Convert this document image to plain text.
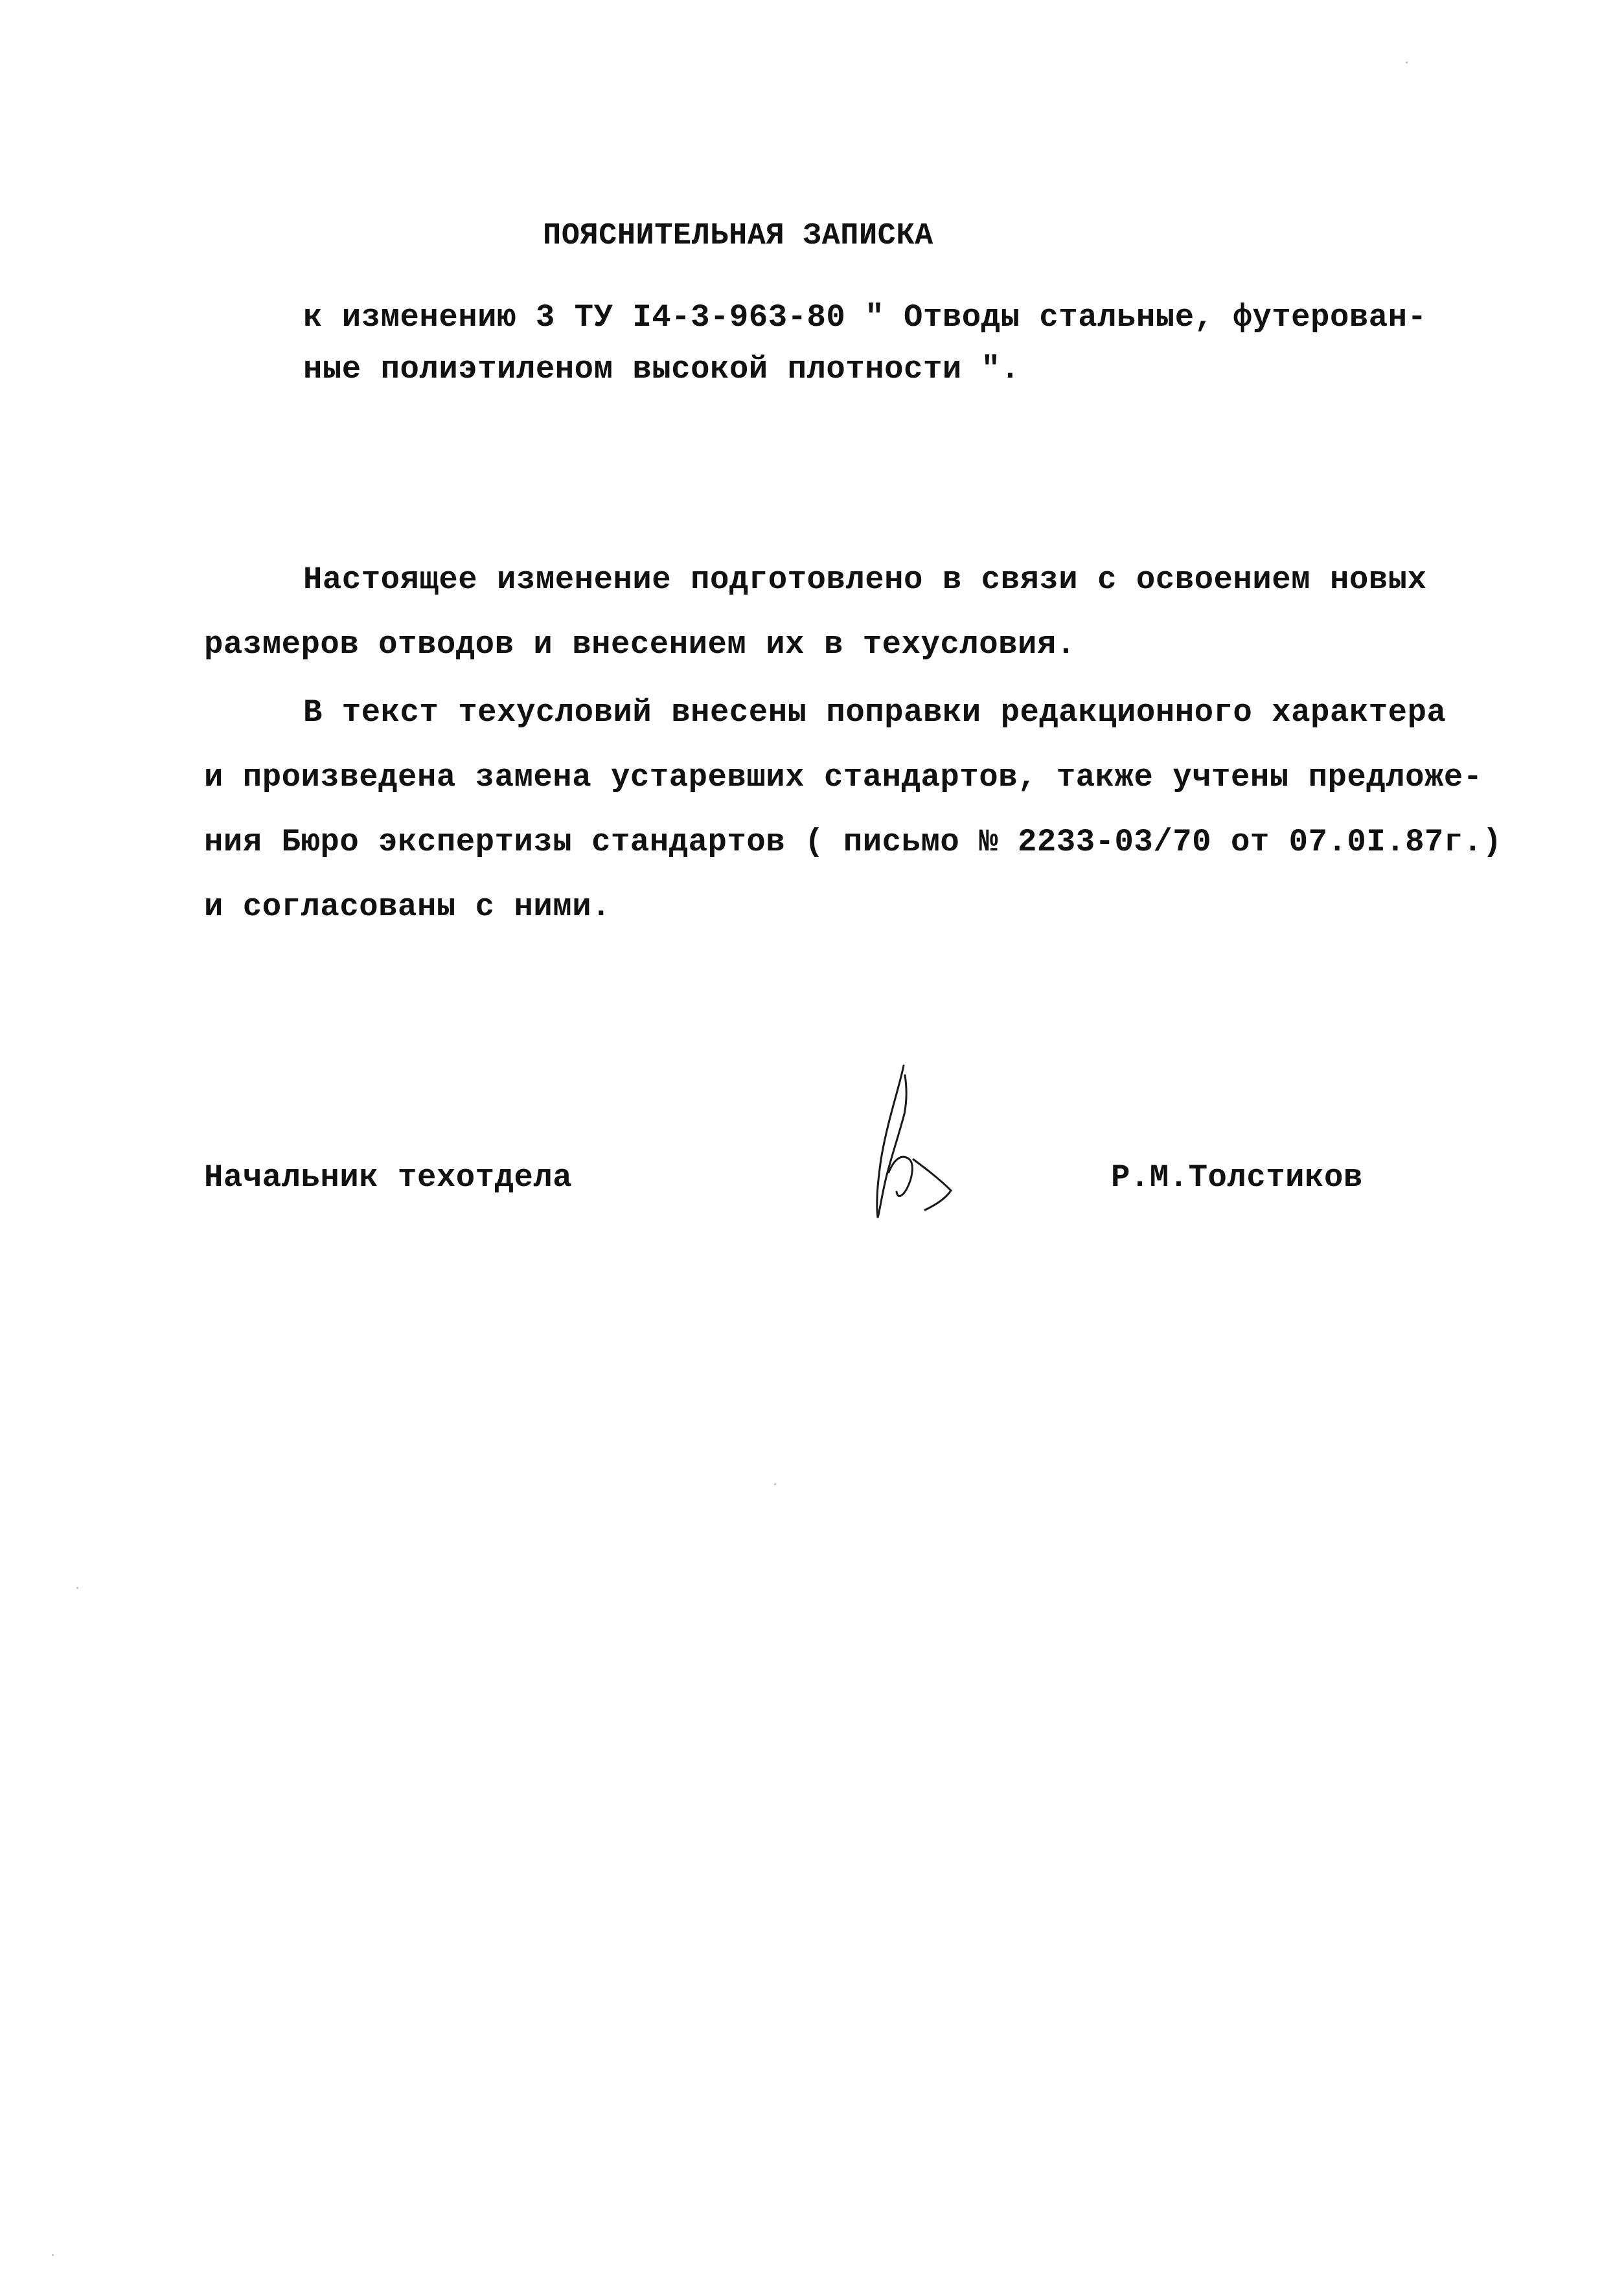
ПОЯСНИТЕЛЬНАЯ ЗАПИСКА
к изменению 3 ТУ I4-3-963-80 " Отводы стальные, футерован-
ные полиэтиленом высокой плотности ".
Настоящее изменение подготовлено в связи с освоением новых
размеров отводов и внесением их в техусловия.
В текст техусловий внесены поправки редакционного характера
и произведена замена устаревших стандартов, также учтены предложе-
ния Бюро экспертизы стандартов ( письмо № 2233-03/70 от 07.0I.87г.)
и согласованы с ними.
Начальник техотдела	Р.М.Толстиков
